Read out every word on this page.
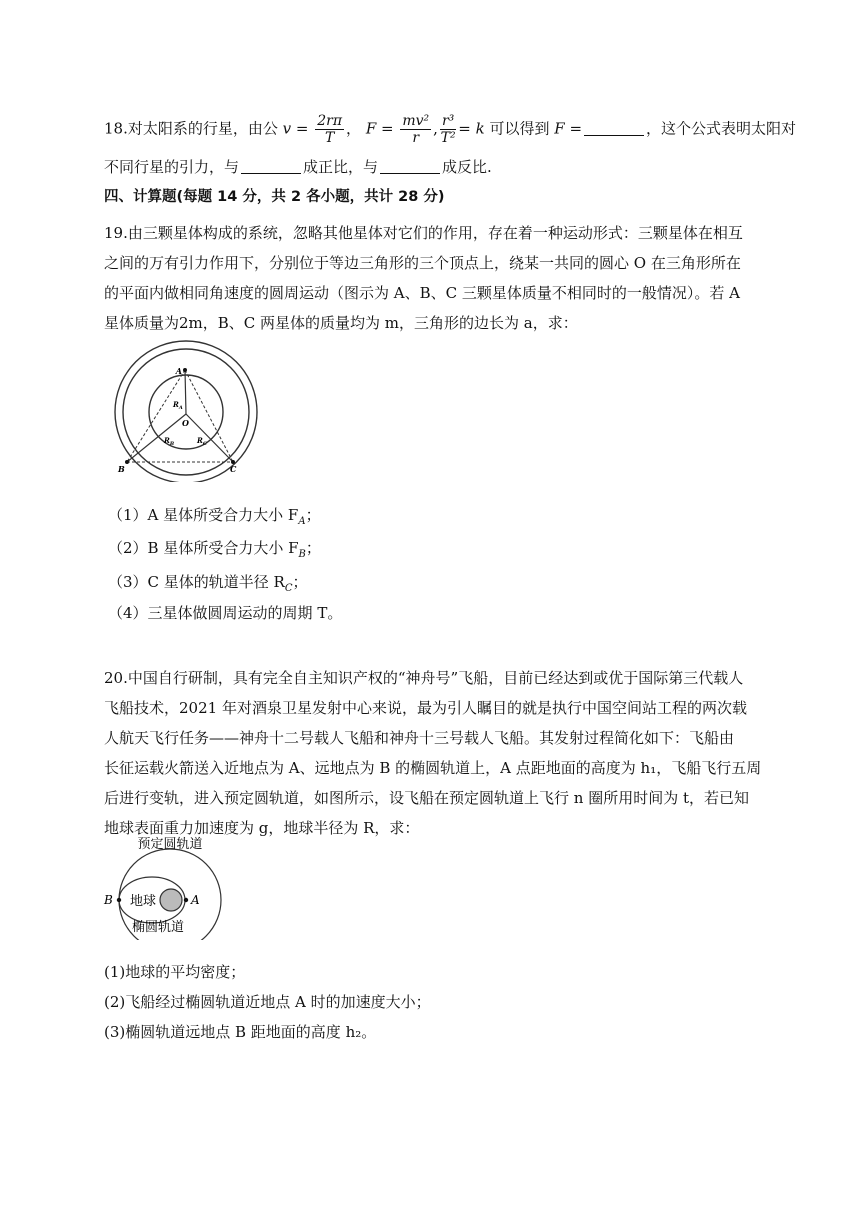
18.对太阳系的行星，由公 $v = \frac{2r\pi}{T}$ ， $F = \frac{\text{mv²}}{r}$ , $\frac{\text{r³}}{\text{T²}} = k$ 可以得到 F =	，这个公式表明太阳对
不同行星的引力，与	成正比，与	成反比.
四、计算题(每题 14 分，共 2 各小题，共计 28 分)
19.由三颗星体构成的系统，忽略其他星体对它们的作用，存在着一种运动形式：三颗星体在相互
之间的万有引力作用下，分别位于等边三角形的三个顶点上，绕某一共同的圆心 O 在三角形所在
的平面内做相同角速度的圆周运动（图示为 A、B、C 三颗星体质量不相同时的一般情况）。若 A
星体质量为2m，B、C 两星体的质量均为 m，三角形的边长为 a，求：
A
B	C
O
$R_A$
$R_B$	$R_C$
（1）A 星体所受合力大小 $F_A$；
（2）B 星体所受合力大小 $F_B$；
（3）C 星体的轨道半径 $R_C$；
（4）三星体做圆周运动的周期 T。
20.中国自行研制，具有完全自主知识产权的“神舟号”飞船，目前已经达到或优于国际第三代载人
飞船技术，2021 年对酒泉卫星发射中心来说，最为引人瞩目的就是执行中国空间站工程的两次载
人航天飞行任务——神舟十二号载人飞船和神舟十三号载人飞船。其发射过程简化如下：飞船由
长征运载火箭送入近地点为 A、远地点为 B 的椭圆轨道上，A 点距地面的高度为 h₁，飞船飞行五周
后进行变轨，进入预定圆轨道，如图所示，设飞船在预定圆轨道上飞行 n 圈所用时间为 t，若已知
地球表面重力加速度为 g，地球半径为 R，求：
预定圆轨道
地球
B	A
椭圆轨道
(1)地球的平均密度；
(2)飞船经过椭圆轨道近地点 A 时的加速度大小；
(3)椭圆轨道远地点 B 距地面的高度 h₂。
